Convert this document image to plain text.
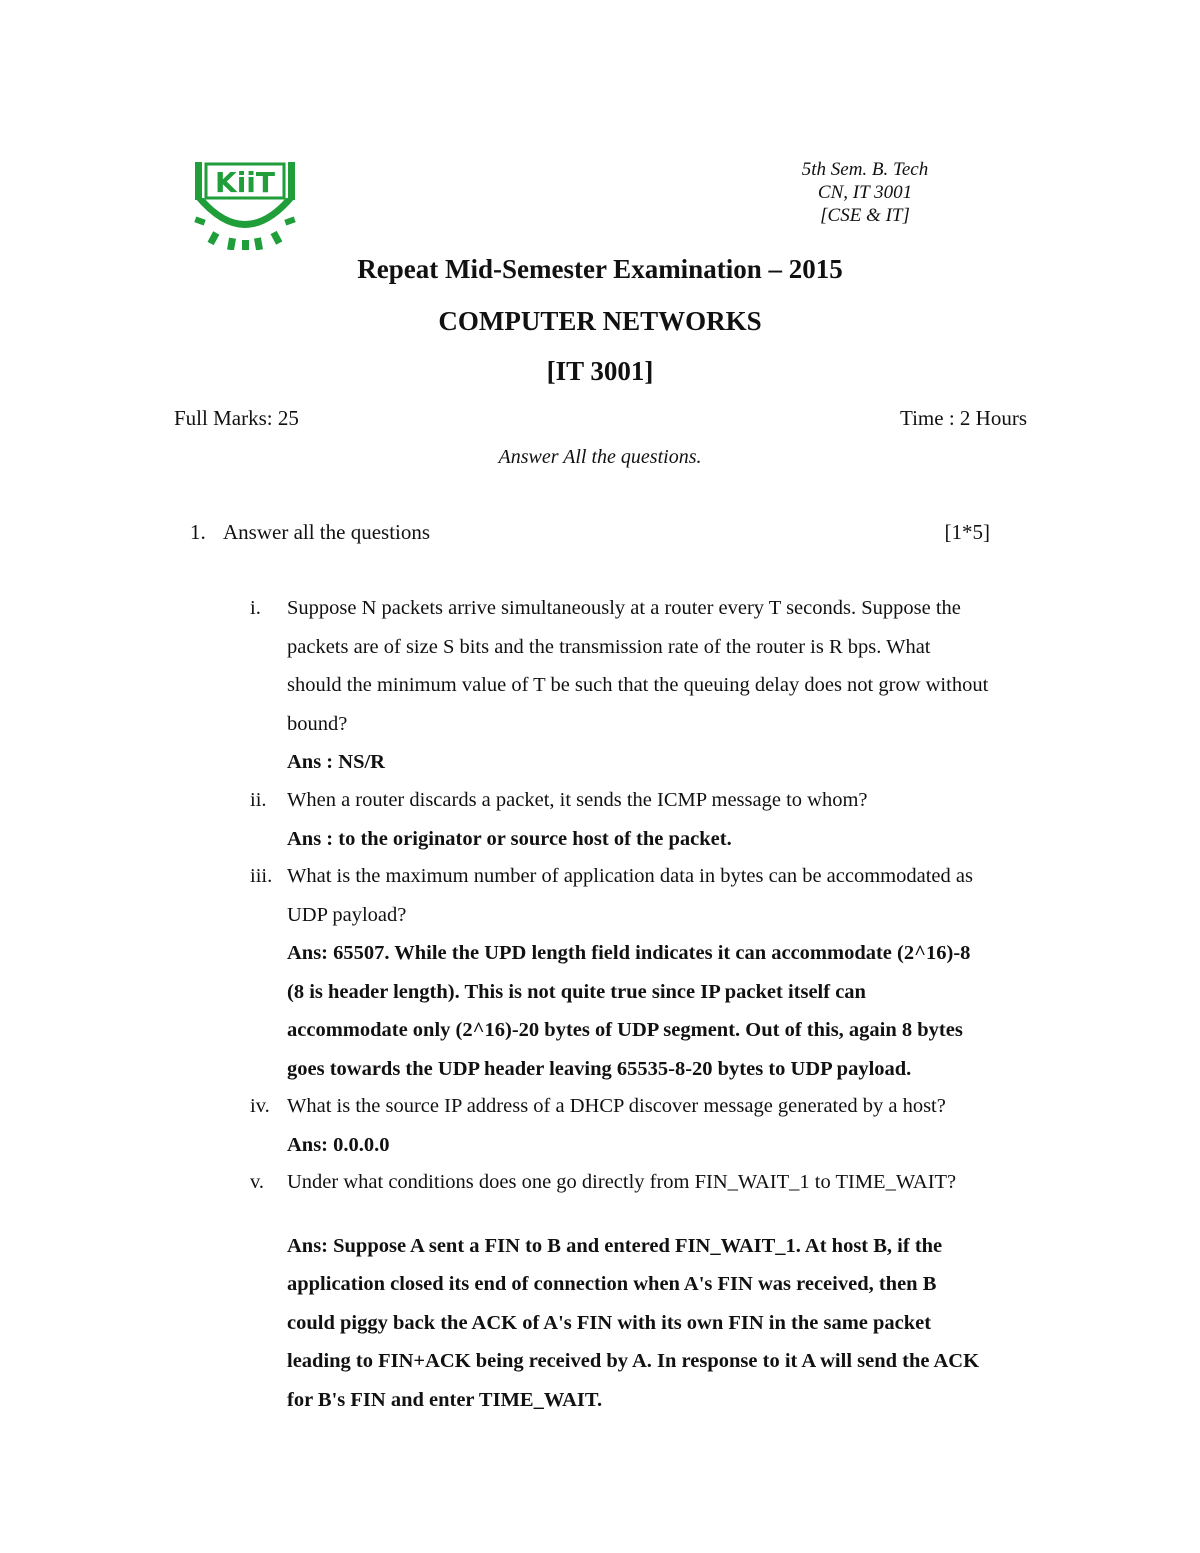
KiiT	5th Sem. B. Tech
CN, IT 3001
[CSE & IT]
Repeat Mid-Semester Examination – 2015
COMPUTER NETWORKS
[IT 3001]
Full Marks: 25	Time : 2 Hours
Answer All the questions.
1. Answer all the questions	[1*5]
i.	Suppose N packets arrive simultaneously at a router every T seconds. Suppose the
packets are of size S bits and the transmission rate of the router is R bps. What
should the minimum value of T be such that the queuing delay does not grow without
bound?
Ans : NS/R
ii. When a router discards a packet, it sends the ICMP message to whom?
Ans : to the originator or source host of the packet.
iii. What is the maximum number of application data in bytes can be accommodated as
UDP payload?
Ans: 65507. While the UPD length field indicates it can accommodate (2^16)-8
(8 is header length). This is not quite true since IP packet itself can
accommodate only (2^16)-20 bytes of UDP segment. Out of this, again 8 bytes
goes towards the UDP header leaving 65535-8-20 bytes to UDP payload.
iv. What is the source IP address of a DHCP discover message generated by a host?
Ans: 0.0.0.0
v.	Under what conditions does one go directly from FIN_WAIT_1 to TIME_WAIT?
Ans: Suppose A sent a FIN to B and entered FIN_WAIT_1. At host B, if the
application closed its end of connection when A's FIN was received, then B
could piggy back the ACK of A's FIN with its own FIN in the same packet
leading to FIN+ACK being received by A. In response to it A will send the ACK
for B's FIN and enter TIME_WAIT.
